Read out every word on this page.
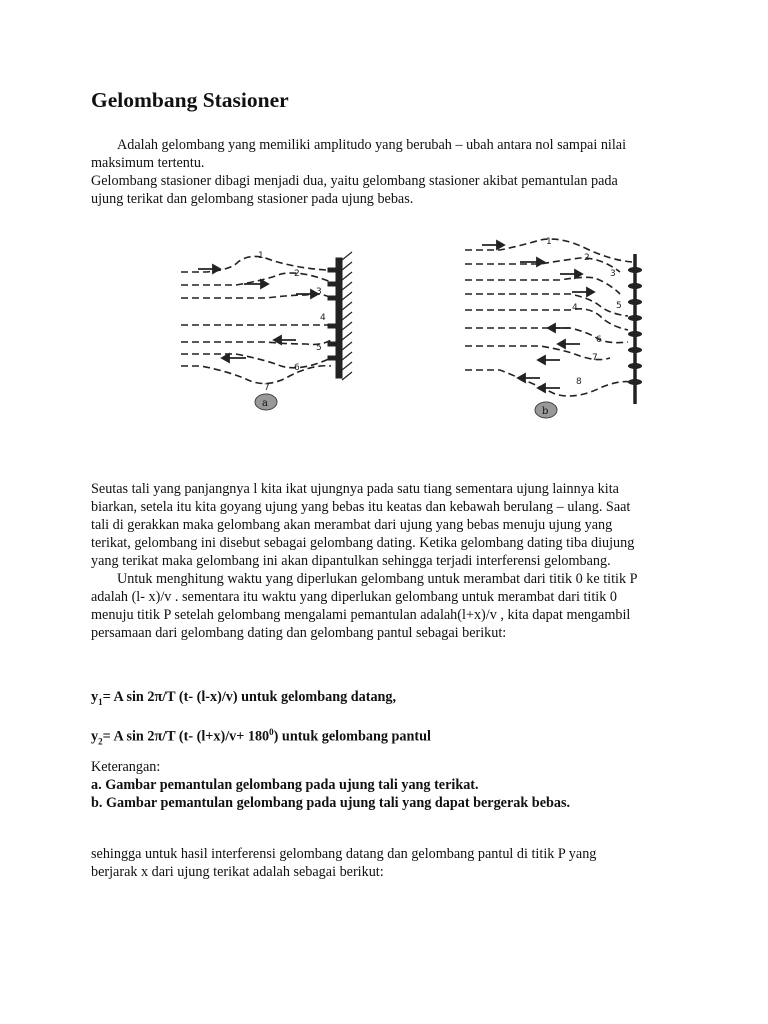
Gelombang Stasioner

Adalah gelombang yang memiliki amplitudo yang berubah – ubah antara nol sampai nilai
maksimum tertentu.
Gelombang stasioner dibagi menjadi dua, yaitu gelombang stasioner akibat pemantulan pada
ujung terikat dan gelombang stasioner pada ujung bebas.

1
2
3
4
5
6
7
a
1
2
3
4	5
6
7
8
b

Seutas tali yang panjangnya l kita ikat ujungnya pada satu tiang sementara ujung lainnya kita
biarkan, setela itu kita goyang ujung yang bebas itu keatas dan kebawah berulang – ulang. Saat
tali di gerakkan maka gelombang akan merambat dari ujung yang bebas menuju ujung yang
terikat, gelombang ini disebut sebagai gelombang dating. Ketika gelombang dating tiba diujung
yang terikat maka gelombang ini akan dipantulkan sehingga terjadi interferensi gelombang.
Untuk menghitung waktu yang diperlukan gelombang untuk merambat dari titik 0 ke titik P
adalah (l- x)/v . sementara itu waktu yang diperlukan gelombang untuk merambat dari titik 0
menuju titik P setelah gelombang mengalami pemantulan adalah(l+x)/v , kita dapat mengambil
persamaan dari gelombang dating dan gelombang pantul sebagai berikut:

$y_1= A$ sin 2π/T (t- (l-x)/v) untuk gelombang datang,
$y_2= A$ sin 2π/T (t- $(l+x)/v+ 180^0$) untuk gelombang pantul

Keterangan:
a. Gambar pemantulan gelombang pada ujung tali yang terikat.
b. Gambar pemantulan gelombang pada ujung tali yang dapat bergerak bebas.

sehingga untuk hasil interferensi gelombang datang dan gelombang pantul di titik P yang
berjarak x dari ujung terikat adalah sebagai berikut:
